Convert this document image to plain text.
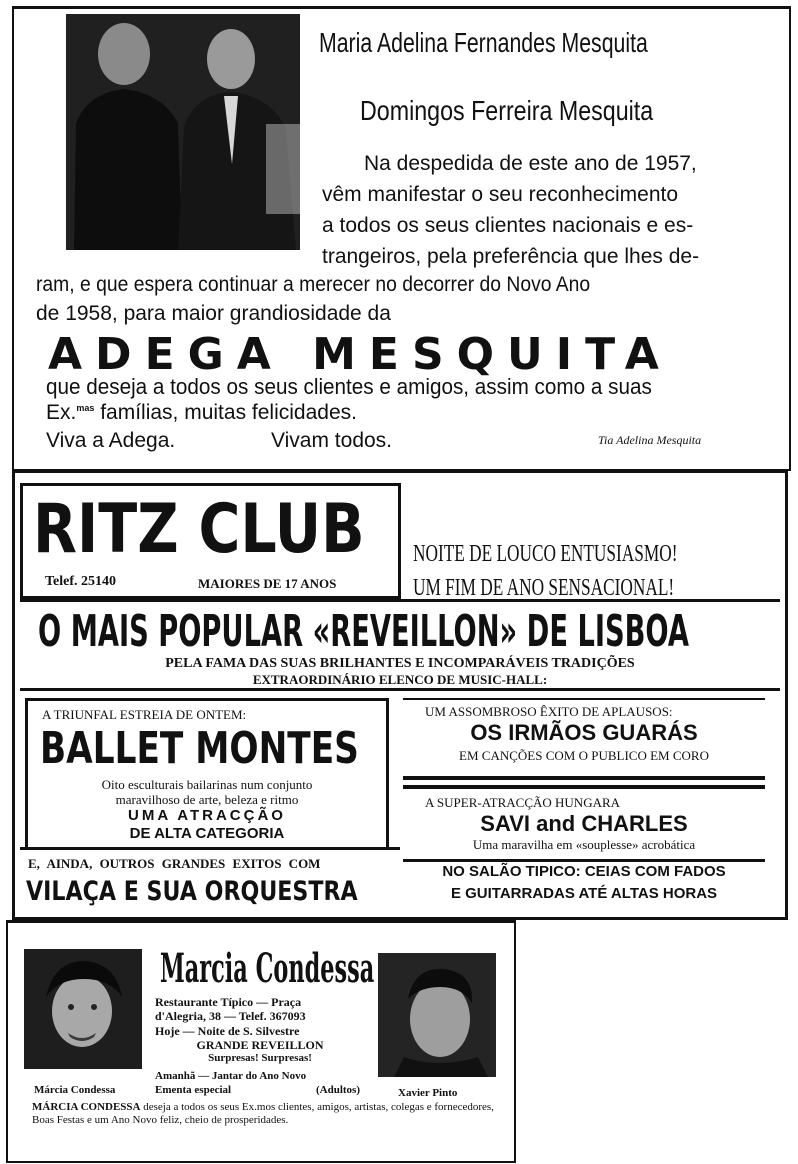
Maria Adelina Fernandes Mesquita
Domingos Ferreira Mesquita
Na despedida de este ano de 1957,
vêm manifestar o seu reconhecimento
a todos os seus clientes nacionais e es-
trangeiros, pela preferência que lhes de-
ram, e que espera continuar a merecer no decorrer do Novo Ano
de 1958, para maior grandiosidade da
ADEGA MESQUITA
que deseja a todos os seus clientes e amigos, assim como a suas
Ex.$^{mas}$ famílias, muitas felicidades.
Viva a Adega.	Vivam todos.	Tia Adelina Mesquita
RITZ CLUB
Telef. 25140	MAIORES DE 17 ANOS
NOITE DE LOUCO ENTUSIASMO!
UM FIM DE ANO SENSACIONAL!
O MAIS POPULAR «REVEILLON» DE LISBOA
PELA FAMA DAS SUAS BRILHANTES E INCOMPARÁVEIS TRADIÇÕES
EXTRAORDINÁRIO ELENCO DE MUSIC-HALL:
A TRIUNFAL ESTREIA DE ONTEM:
BALLET MONTES
Oito esculturais bailarinas num conjunto
maravilhoso de arte, beleza e ritmo
UMA ATRACÇÃO
DE ALTA CATEGORIA
UM ASSOMBROSO ÊXITO DE APLAUSOS:
OS IRMÃOS GUARÁS
EM CANÇÕES COM O PUBLICO EM CORO
A SUPER-ATRACÇÃO HUNGARA
SAVI and CHARLES
Uma maravilha em «souplesse» acrobática
E, AINDA, OUTROS GRANDES EXITOS COM
VILAÇA E SUA ORQUESTRA
NO SALÃO TIPICO: CEIAS COM FADOS
E GUITARRADAS ATÉ ALTAS HORAS
Marcia Condessa
Restaurante Típico — Praça
d'Alegria, 38 — Telef. 367093
Hoje — Noite de S. Silvestre
GRANDE REVEILLON
Surpresas! Surpresas!
Amanhã — Jantar do Ano Novo
Ementa especial	(Adultos)
Márcia Condessa	Xavier Pinto
MÁRCIA CONDESSA deseja a todos os seus Ex.mos clientes, amigos, artistas, colegas e fornecedores, Boas Festas e um Ano Novo feliz, cheio de prosperidades.
